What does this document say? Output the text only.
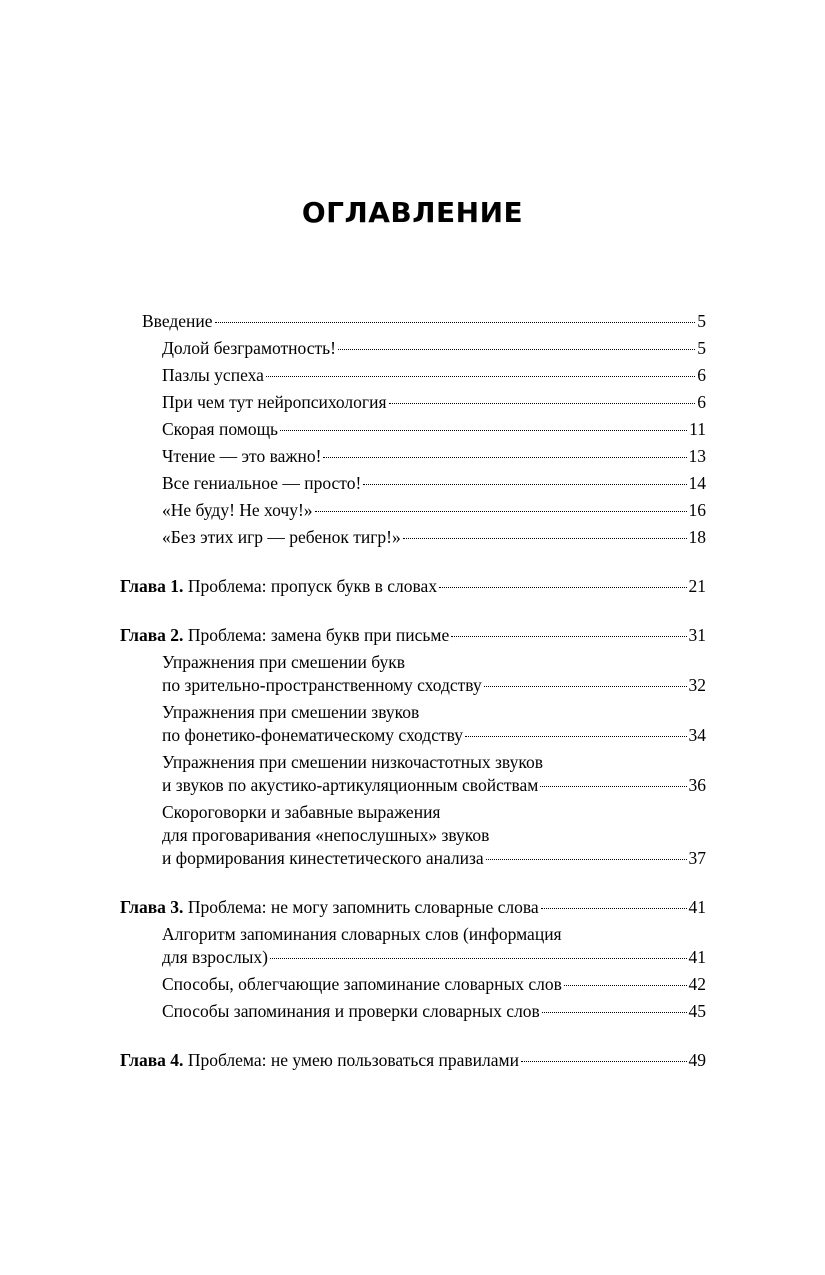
ОГЛАВЛЕНИЕ
Введение	5
Долой безграмотность!	5
Пазлы успеха	6
При чем тут нейропсихология	6
Скорая помощь	11
Чтение — это важно!	13
Все гениальное — просто!	14
«Не буду! Не хочу!»	16
«Без этих игр — ребенок тигр!»	18
Глава 1. Проблема: пропуск букв в словах	21
Глава 2. Проблема: замена букв при письме	31
Упражнения при смешении букв
по зрительно-пространственному сходству	32
Упражнения при смешении звуков
по фонетико-фонематическому сходству	34
Упражнения при смешении низкочастотных звуков
и звуков по акустико-артикуляционным свойствам	36
Скороговорки и забавные выражения
для проговаривания «непослушных» звуков
и формирования кинестетического анализа	37
Глава 3. Проблема: не могу запомнить словарные слова	41
Алгоритм запоминания словарных слов (информация
для взрослых)	41
Способы, облегчающие запоминание словарных слов	42
Способы запоминания и проверки словарных слов	45
Глава 4. Проблема: не умею пользоваться правилами	49
